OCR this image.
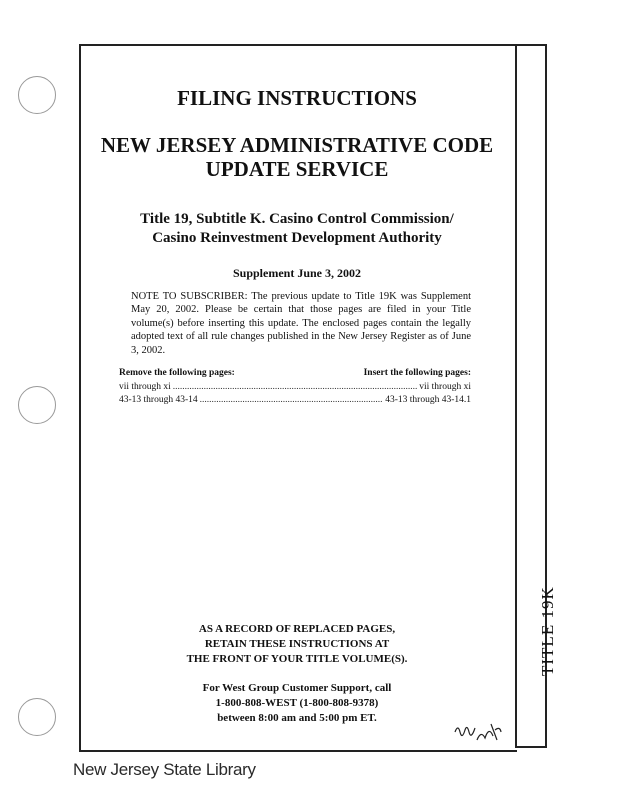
TITLE 19K
FILING INSTRUCTIONS
NEW JERSEY ADMINISTRATIVE CODE
UPDATE SERVICE
Title 19, Subtitle K. Casino Control Commission/
Casino Reinvestment Development Authority
Supplement June 3, 2002
NOTE TO SUBSCRIBER: The previous update to Title 19K was Supplement May 20, 2002. Please be certain that those pages are filed in your Title volume(s) before inserting this update. The enclosed pages contain the legally adopted text of all rule changes published in the New Jersey Register as of June 3, 2002.
Remove the following pages:	Insert the following pages:
vii through xi .....	vii through xi
43-13 through 43-14 .....	43-13 through 43-14.1
AS A RECORD OF REPLACED PAGES,
RETAIN THESE INSTRUCTIONS AT
THE FRONT OF YOUR TITLE VOLUME(S).
For West Group Customer Support, call
1-800-808-WEST (1-800-808-9378)
between 8:00 am and 5:00 pm ET.
New Jersey State Library
